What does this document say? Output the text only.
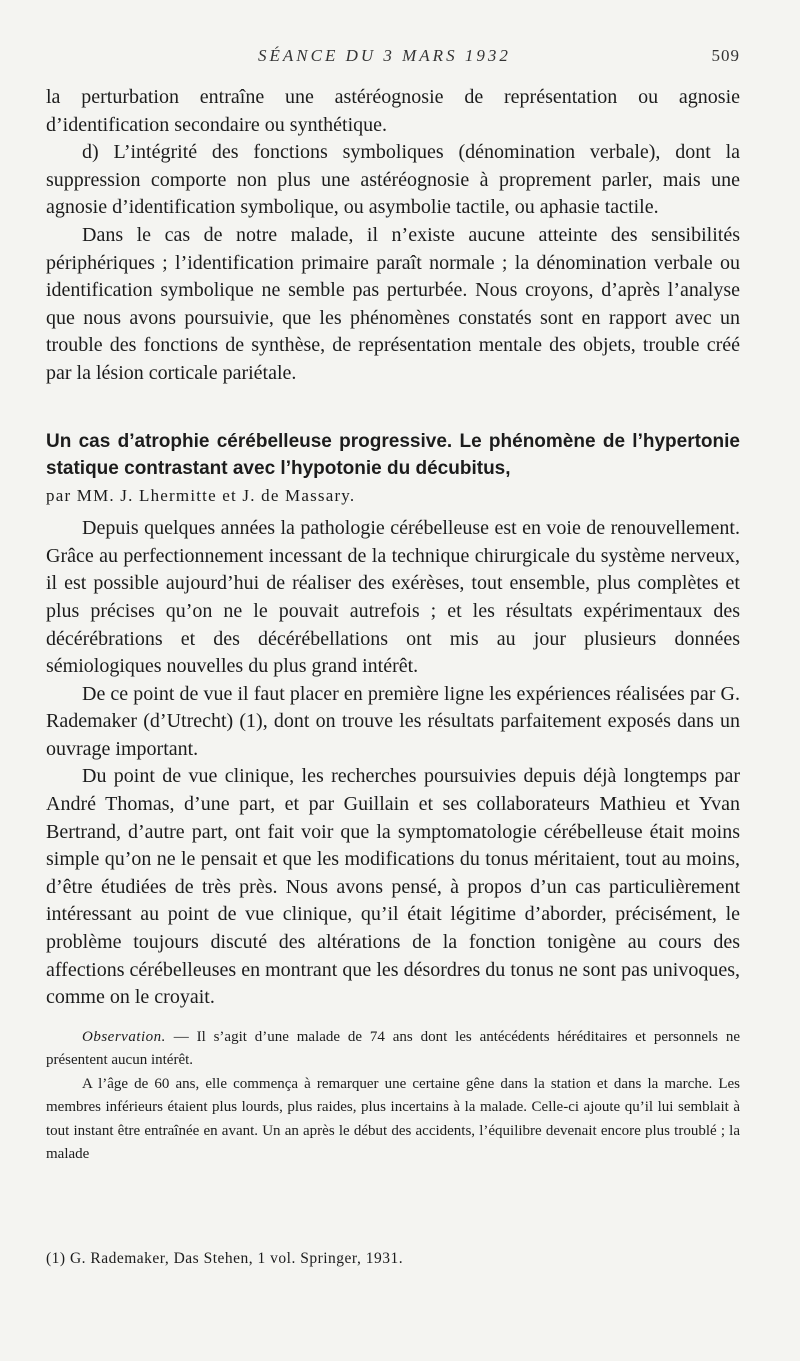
SÉANCE DU 3 MARS 1932	509

la perturbation entraîne une astéréognosie de représentation ou agnosie d’identification secondaire ou synthétique.

d) L’intégrité des fonctions symboliques (dénomination verbale), dont la suppression comporte non plus une astéréognosie à proprement parler, mais une agnosie d’identification symbolique, ou asymbolie tactile, ou aphasie tactile.

Dans le cas de notre malade, il n’existe aucune atteinte des sensibilités périphériques ; l’identification primaire paraît normale ; la dénomination verbale ou identification symbolique ne semble pas perturbée. Nous croyons, d’après l’analyse que nous avons poursuivie, que les phénomènes constatés sont en rapport avec un trouble des fonctions de synthèse, de représentation mentale des objets, trouble créé par la lésion corticale pariétale.

Un cas d’atrophie cérébelleuse progressive. Le phénomène de l’hypertonie statique contrastant avec l’hypotonie du décubitus,
par MM. J. Lhermitte et J. de Massary.

Depuis quelques années la pathologie cérébelleuse est en voie de renouvellement. Grâce au perfectionnement incessant de la technique chirurgicale du système nerveux, il est possible aujourd’hui de réaliser des exérèses, tout ensemble, plus complètes et plus précises qu’on ne le pouvait autrefois ; et les résultats expérimentaux des décérébrations et des décérébellations ont mis au jour plusieurs données sémiologiques nouvelles du plus grand intérêt.

De ce point de vue il faut placer en première ligne les expériences réalisées par G. Rademaker (d’Utrecht) (1), dont on trouve les résultats parfaitement exposés dans un ouvrage important.

Du point de vue clinique, les recherches poursuivies depuis déjà longtemps par André Thomas, d’une part, et par Guillain et ses collaborateurs Mathieu et Yvan Bertrand, d’autre part, ont fait voir que la symptomatologie cérébelleuse était moins simple qu’on ne le pensait et que les modifications du tonus méritaient, tout au moins, d’être étudiées de très près. Nous avons pensé, à propos d’un cas particulièrement intéressant au point de vue clinique, qu’il était légitime d’aborder, précisément, le problème toujours discuté des altérations de la fonction tonigène au cours des affections cérébelleuses en montrant que les désordres du tonus ne sont pas univoques, comme on le croyait.

Observation. — Il s’agit d’une malade de 74 ans dont les antécédents héréditaires et personnels ne présentent aucun intérêt.

A l’âge de 60 ans, elle commença à remarquer une certaine gêne dans la station et dans la marche. Les membres inférieurs étaient plus lourds, plus raides, plus incertains à la malade. Celle-ci ajoute qu’il lui semblait à tout instant être entraînée en avant. Un an après le début des accidents, l’équilibre devenait encore plus troublé ; la malade

(1) G. Rademaker, Das Stehen, 1 vol. Springer, 1931.
